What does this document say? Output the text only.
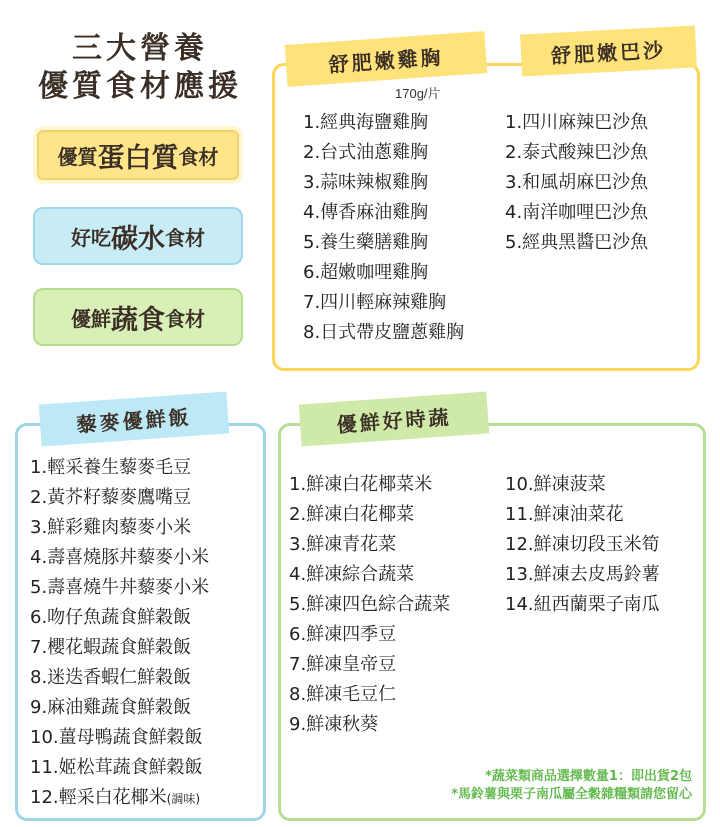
三大營養
優質食材應援
優質 蛋白質 食材
好吃 碳水 食材
優鮮 蔬食 食材
舒肥嫩雞胸	舒肥嫩巴沙
170g/片
1.經典海鹽雞胸
2.台式油蔥雞胸
3.蒜味辣椒雞胸
4.傳香麻油雞胸
5.養生藥膳雞胸
6.超嫩咖哩雞胸
7.四川輕麻辣雞胸
8.日式帶皮鹽蔥雞胸
1.四川麻辣巴沙魚
2.泰式酸辣巴沙魚
3.和風胡麻巴沙魚
4.南洋咖哩巴沙魚
5.經典黑醬巴沙魚
藜麥優鮮飯
1.輕采養生藜麥毛豆
2.黃芥籽藜麥鷹嘴豆
3.鮮彩雞肉藜麥小米
4.壽喜燒豚丼藜麥小米
5.壽喜燒牛丼藜麥小米
6.吻仔魚蔬食鮮穀飯
7.櫻花蝦蔬食鮮穀飯
8.迷迭香蝦仁鮮穀飯
9.麻油雞蔬食鮮穀飯
10.薑母鴨蔬食鮮穀飯
11.姬松茸蔬食鮮穀飯
12.輕采白花椰米(調味)
優鮮好時蔬
1.鮮凍白花椰菜米
2.鮮凍白花椰菜
3.鮮凍青花菜
4.鮮凍綜合蔬菜
5.鮮凍四色綜合蔬菜
6.鮮凍四季豆
7.鮮凍皇帝豆
8.鮮凍毛豆仁
9.鮮凍秋葵
10.鮮凍菠菜
11.鮮凍油菜花
12.鮮凍切段玉米筍
13.鮮凍去皮馬鈴薯
14.紐西蘭栗子南瓜
*蔬菜類商品選擇數量1：即出貨2包
*馬鈴薯與栗子南瓜屬全穀雜糧類請您留心
